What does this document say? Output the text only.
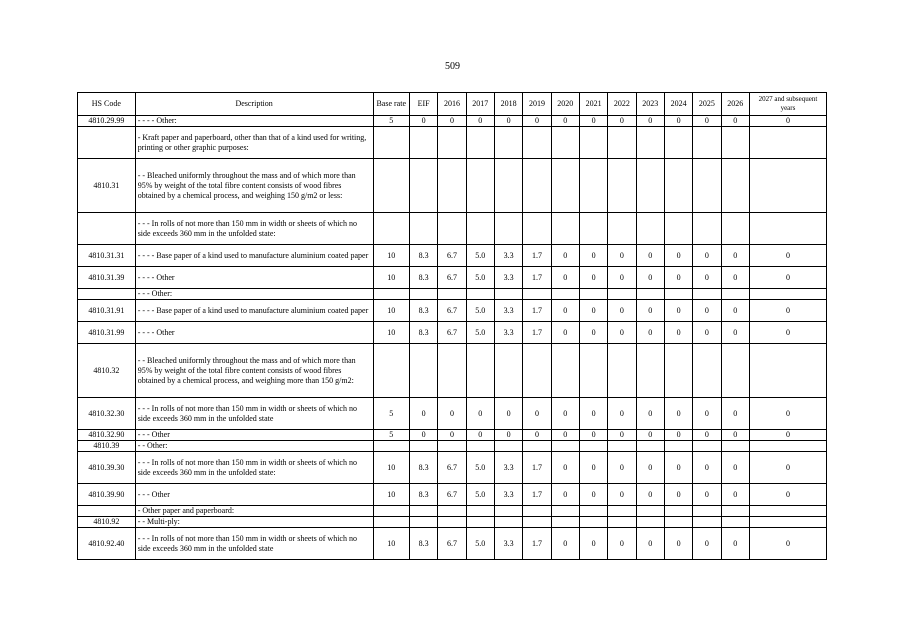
509
HS Code	Description	Base rate	EIF	2016	2017	2018	2019	2020	2021	2022	2023	2024	2025	2026	2027 and subsequent years
4810.29.99	- - - - Other:	5	0	0	0	0	0	0	0	0	0	0	0	0	0
	- Kraft paper and paperboard, other than that of a kind used for writing, printing or other graphic purposes:														
4810.31	- - Bleached uniformly throughout the mass and of which more than 95% by weight of the total fibre content consists of wood fibres obtained by a chemical process, and weighing 150 g/m2 or less:														
	- - - In rolls of not more than 150 mm in width or sheets of which no side exceeds 360 mm in the unfolded state:														
4810.31.31	- - - - Base paper of a kind used to manufacture aluminium coated paper	10	8.3	6.7	5.0	3.3	1.7	0	0	0	0	0	0	0	0
4810.31.39	- - - - Other	10	8.3	6.7	5.0	3.3	1.7	0	0	0	0	0	0	0	0
	- - - Other:														
4810.31.91	- - - - Base paper of a kind used to manufacture aluminium coated paper	10	8.3	6.7	5.0	3.3	1.7	0	0	0	0	0	0	0	0
4810.31.99	- - - - Other	10	8.3	6.7	5.0	3.3	1.7	0	0	0	0	0	0	0	0
4810.32	- - Bleached uniformly throughout the mass and of which more than 95% by weight of the total fibre content consists of wood fibres obtained by a chemical process, and weighing more than 150 g/m2:														
4810.32.30	- - - In rolls of not more than 150 mm in width or sheets of which no side exceeds 360 mm in the unfolded state	5	0	0	0	0	0	0	0	0	0	0	0	0	0
4810.32.90	- - - Other	5	0	0	0	0	0	0	0	0	0	0	0	0	0
4810.39	- - Other:														
4810.39.30	- - - In rolls of not more than 150 mm in width or sheets of which no side exceeds 360 mm in the unfolded state:	10	8.3	6.7	5.0	3.3	1.7	0	0	0	0	0	0	0	0
4810.39.90	- - - Other	10	8.3	6.7	5.0	3.3	1.7	0	0	0	0	0	0	0	0
	- Other paper and paperboard:														
4810.92	- - Multi-ply:														
4810.92.40	- - - In rolls of not more than 150 mm in width or sheets of which no side exceeds 360 mm in the unfolded state	10	8.3	6.7	5.0	3.3	1.7	0	0	0	0	0	0	0	0
